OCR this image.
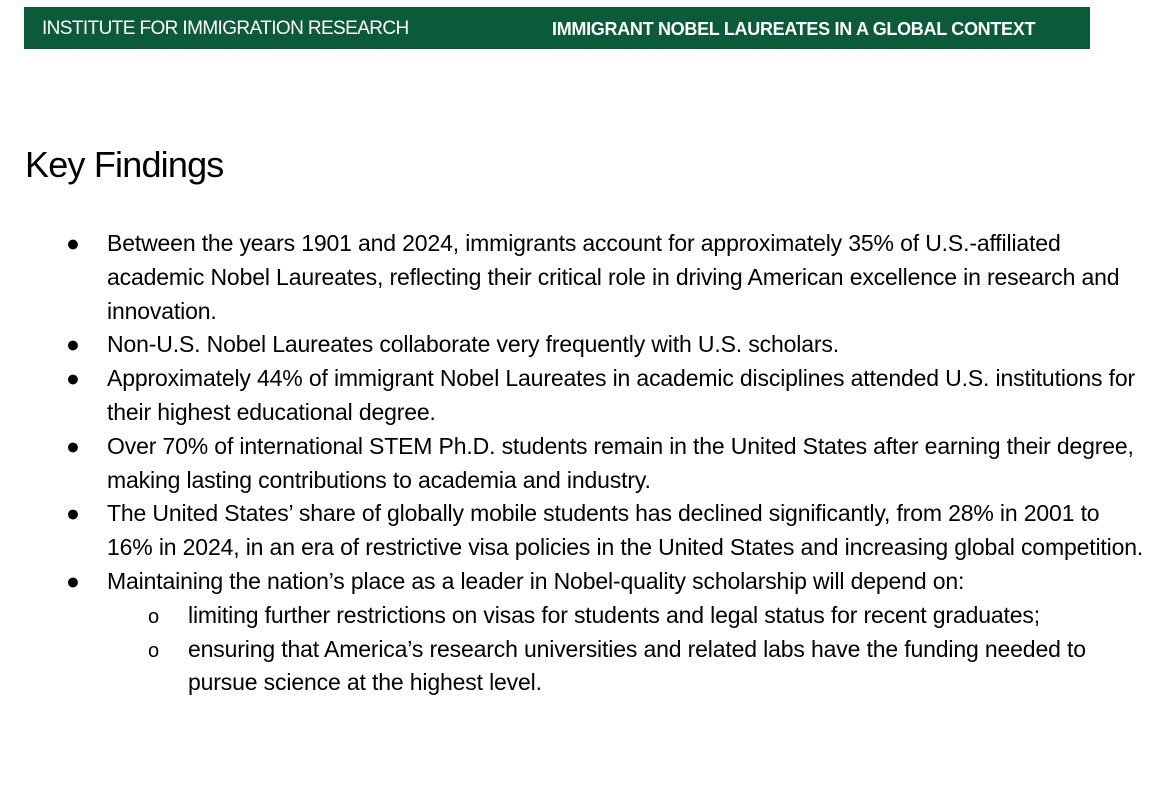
INSTITUTE FOR IMMIGRATION RESEARCH	IMMIGRANT NOBEL LAUREATES IN A GLOBAL CONTEXT
Key Findings
● Between the years 1901 and 2024, immigrants account for approximately 35% of U.S.-affiliated academic Nobel Laureates, reflecting their critical role in driving American excellence in research and innovation.
● Non-U.S. Nobel Laureates collaborate very frequently with U.S. scholars.
● Approximately 44% of immigrant Nobel Laureates in academic disciplines attended U.S. institutions for their highest educational degree.
● Over 70% of international STEM Ph.D. students remain in the United States after earning their degree, making lasting contributions to academia and industry.
● The United States’ share of globally mobile students has declined significantly, from 28% in 2001 to 16% in 2024, in an era of restrictive visa policies in the United States and increasing global competition.
● Maintaining the nation’s place as a leader in Nobel-quality scholarship will depend on:
o limiting further restrictions on visas for students and legal status for recent graduates;
o ensuring that America’s research universities and related labs have the funding needed to pursue science at the highest level.
